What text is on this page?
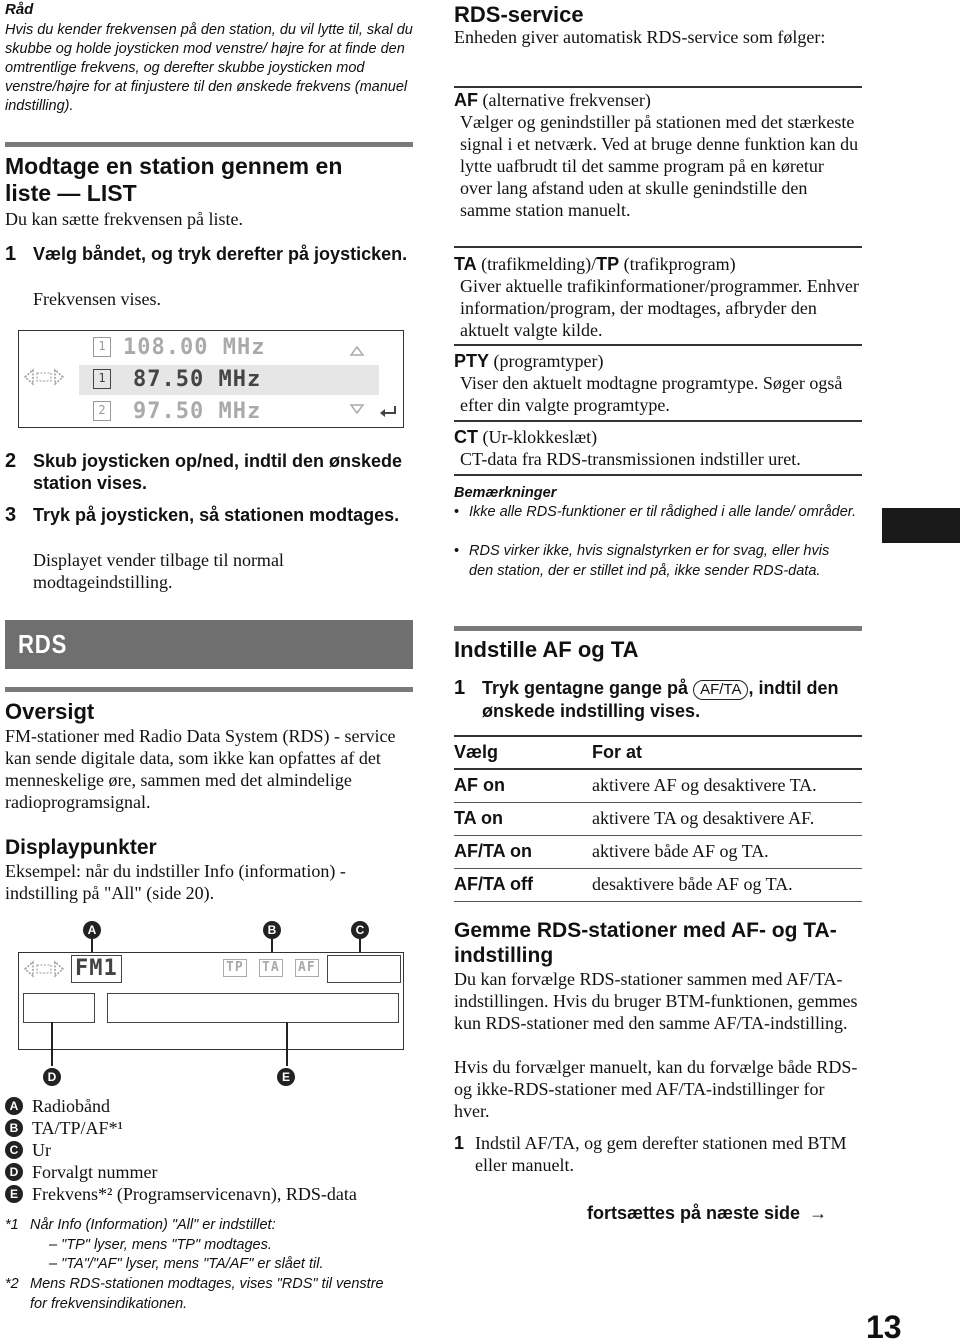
Råd
Hvis du kender frekvensen på den station, du vil lytte til, skal du skubbe og holde joysticken mod venstre/ højre for at finde den omtrentlige frekvens, og derefter skubbe joysticken mod venstre/højre for at finjustere til den ønskede frekvens (manuel indstilling).
Modtage en station gennem en liste — LIST
Du kan sætte frekvensen på liste.
1 Vælg båndet, og tryk derefter på joysticken.
Frekvensen vises.
1 108.00 MHz
1 87.50 MHz
2 97.50 MHz
2 Skub joysticken op/ned, indtil den ønskede station vises.
3 Tryk på joysticken, så stationen modtages.
Displayet vender tilbage til normal modtageindstilling.
RDS
Oversigt
FM-stationer med Radio Data System (RDS) - service kan sende digitale data, som ikke kan opfattes af det menneskelige øre, sammen med det almindelige radioprogramsignal.
Displaypunkter
Eksempel: når du indstiller Info (information) - indstilling på "All" (side 20).
A	B	C
FM1	TP TA AF
D	E
A Radiobånd
B TA/TP/AF*¹
C Ur
D Forvalgt nummer
E Frekvens*² (Programservicenavn), RDS-data
*1 Når Info (Information) "All" er indstillet:
– "TP" lyser, mens "TP" modtages.
– "TA"/"AF" lyser, mens "TA/AF" er slået til.
*2 Mens RDS-stationen modtages, vises "RDS" til venstre for frekvensindikationen.
RDS-service
Enheden giver automatisk RDS-service som følger:
AF (alternative frekvenser)
Vælger og genindstiller på stationen med det stærkeste signal i et netværk. Ved at bruge denne funktion kan du lytte uafbrudt til det samme program på en køretur over lang afstand uden at skulle genindstille den samme station manuelt.
TA (trafikmelding)/TP (trafikprogram)
Giver aktuelle trafikinformationer/programmer. Enhver information/program, der modtages, afbryder den aktuelt valgte kilde.
PTY (programtyper)
Viser den aktuelt modtagne programtype. Søger også efter din valgte programtype.
CT (Ur-klokkeslæt)
CT-data fra RDS-transmissionen indstiller uret.
Bemærkninger
• Ikke alle RDS-funktioner er til rådighed i alle lande/ områder.
• RDS virker ikke, hvis signalstyrken er for svag, eller hvis den station, der er stillet ind på, ikke sender RDS-data.
Indstille AF og TA
1 Tryk gentagne gange på AF/TA , indtil den ønskede indstilling vises.
Vælg	For at
AF on	aktivere AF og desaktivere TA.
TA on	aktivere TA og desaktivere AF.
AF/TA on	aktivere både AF og TA.
AF/TA off	desaktivere både AF og TA.
Gemme RDS-stationer med AF- og TA-indstilling
Du kan forvælge RDS-stationer sammen med AF/TA-indstillingen. Hvis du bruger BTM-funktionen, gemmes kun RDS-stationer med den samme AF/TA-indstilling.
Hvis du forvælger manuelt, kan du forvælge både RDS- og ikke-RDS-stationer med AF/TA-indstillinger for hver.
1 Indstil AF/TA, og gem derefter stationen med BTM eller manuelt.
fortsættes på næste side →
13
